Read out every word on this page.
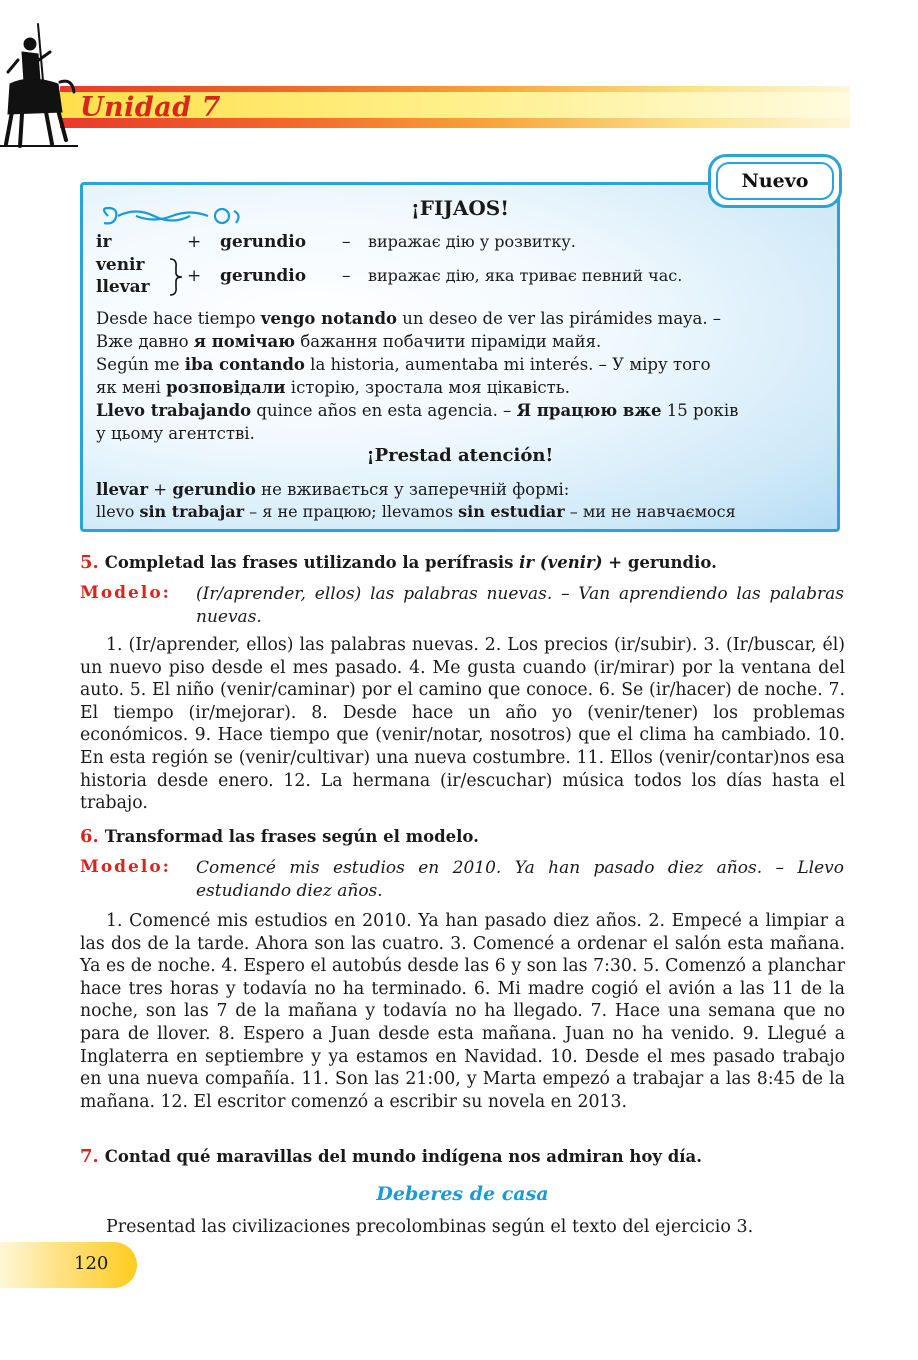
Unidad 7
Nuevo
¡FIJAOS!
ir	+ gerundio – виражає дію у розвитку.
venir
llevar
+ gerundio – виражає дію, яка триває певний час.
Desde hace tiempo vengo notando un deseo de ver las pirámides maya. –
Вже давно я помічаю бажання побачити піраміди майя.
Según me iba contando la historia, aumentaba mi interés. – У міру того
як мені розповідали історію, зростала моя цікавість.
Llevo trabajando quince años en esta agencia. – Я працюю вже 15 років
у цьому агентстві.
¡Prestad atención!
llevar + gerundio не вживається у заперечній формі:
llevo sin trabajar – я не працюю; llevamos sin estudiar – ми не навчаємося
5. Completad las frases utilizando la perífrasis ir (venir) + gerundio.
Modelo: (Ir/aprender, ellos) las palabras nuevas. – Van aprendiendo las palabras nuevas.
1. (Ir/aprender, ellos) las palabras nuevas. 2. Los precios (ir/subir). 3. (Ir/buscar, él) un nuevo piso desde el mes pasado. 4. Me gusta cuando (ir/mirar) por la ventana del auto. 5. El niño (venir/caminar) por el camino que conoce. 6. Se (ir/hacer) de noche. 7. El tiempo (ir/mejorar). 8. Desde hace un año yo (venir/tener) los problemas económicos. 9. Hace tiempo que (venir/notar, nosotros) que el clima ha cambiado. 10. En esta región se (venir/cultivar) una nueva costumbre. 11. Ellos (venir/contar)nos esa historia desde enero. 12. La hermana (ir/escuchar) música todos los días hasta el trabajo.
6. Transformad las frases según el modelo.
Modelo: Comencé mis estudios en 2010. Ya han pasado diez años. – Llevo estudiando diez años.
1. Comencé mis estudios en 2010. Ya han pasado diez años. 2. Empecé a limpiar a las dos de la tarde. Ahora son las cuatro. 3. Comencé a ordenar el salón esta mañana. Ya es de noche. 4. Espero el autobús desde las 6 y son las 7:30. 5. Comenzó a planchar hace tres horas y todavía no ha terminado. 6. Mi madre cogió el avión a las 11 de la noche, son las 7 de la mañana y todavía no ha llegado. 7. Hace una semana que no para de llover. 8. Espero a Juan desde esta mañana. Juan no ha venido. 9. Llegué a Inglaterra en septiembre y ya estamos en Navidad. 10. Desde el mes pasado trabajo en una nueva compañía. 11. Son las 21:00, y Marta empezó a trabajar a las 8:45 de la mañana. 12. El escritor comenzó a escribir su novela en 2013.
7. Contad qué maravillas del mundo indígena nos admiran hoy día.
Deberes de casa
Presentad las civilizaciones precolombinas según el texto del ejercicio 3.
120
